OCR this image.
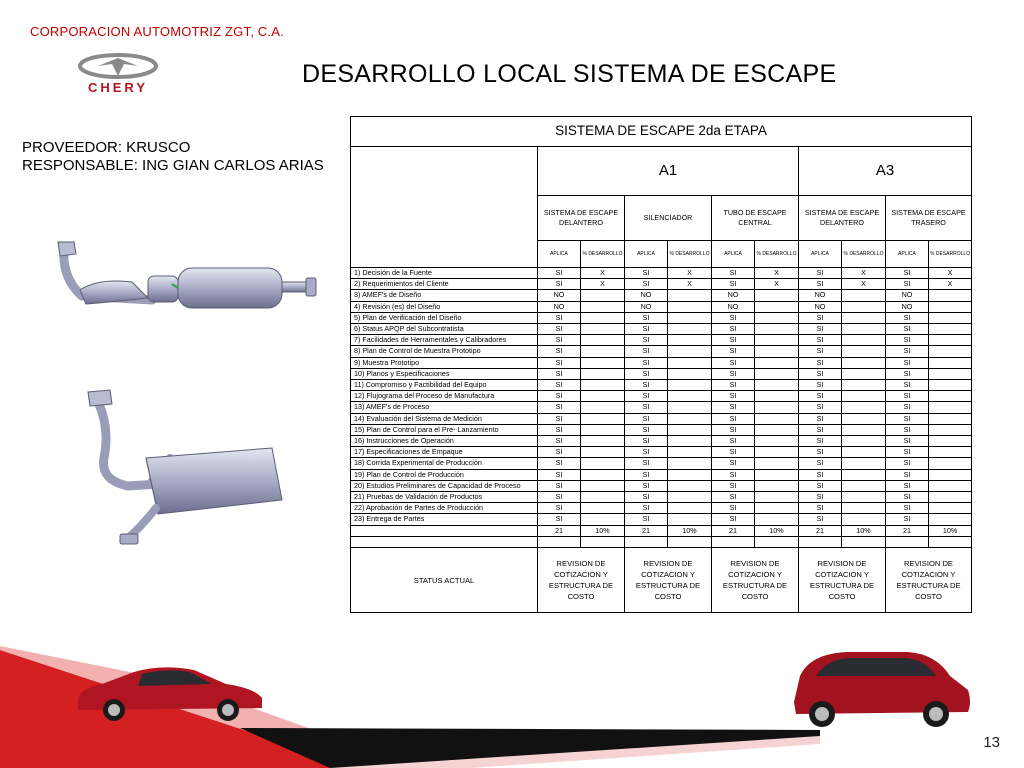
CORPORACION AUTOMOTRIZ ZGT, C.A.
CHERY	DESARROLLO LOCAL SISTEMA DE ESCAPE
PROVEEDOR: KRUSCO
RESPONSABLE: ING GIAN CARLOS ARIAS
SISTEMA DE ESCAPE 2da ETAPA										
	A1						A3			
	SISTEMA DE ESCAPE DELANTERO		SILENCIADOR		TUBO DE ESCAPE CENTRAL		SISTEMA DE ESCAPE DELANTERO		SISTEMA DE ESCAPE TRASERO	
	APLICA	% DESARROLLO	APLICA	% DESARROLLO	APLICA	% DESARROLLO	APLICA	% DESARROLLO	APLICA	% DESARROLLO
1) Decisión de la Fuente	SI	X	SI	X	SI	X	SI	X	SI	X
2) Requerimientos del Cliente	SI	X	SI	X	SI	X	SI	X	SI	X
3) AMEF's de Diseño	NO		NO		NO		NO		NO	
4) Revisión (es) del Diseño	NO		NO		NO		NO		NO	
5) Plan de Verificación del Diseño	SI		SI		SI		SI		SI	
6) Status APQP del Subcontratista	SI		SI		SI		SI		SI	
7) Facilidades de Herramentales y Calibradores	SI		SI		SI		SI		SI	
8) Plan de Control de Muestra Prototipo	SI		SI		SI		SI		SI	
9) Muestra Prototipo	SI		SI		SI		SI		SI	
10) Planos y Especificaciones	SI		SI		SI		SI		SI	
11) Compromiso y Factibilidad del Equipo	SI		SI		SI		SI		SI	
12) Flujograma del Proceso de Manufactura	SI		SI		SI		SI		SI	
13) AMEF's de Proceso	SI		SI		SI		SI		SI	
14) Evaluación del Sistema de Medición	SI		SI		SI		SI		SI	
15) Plan de Control para el Pre- Lanzamiento	SI		SI		SI		SI		SI	
16) Instrucciones de Operación	SI		SI		SI		SI		SI	
17) Especificaciones de Empaque	SI		SI		SI		SI		SI	
18) Corrida Experimental de Producción	SI		SI		SI		SI		SI	
19) Plan de Control de Producción	SI		SI		SI		SI		SI	
20) Estudios Preliminares de Capacidad de Proceso	SI		SI		SI		SI		SI	
21) Pruebas de Validación de Productos	SI		SI		SI		SI		SI	
22) Aprobación de Partes de Producción	SI		SI		SI		SI		SI	
23) Entrega de Partes	SI		SI		SI		SI		SI	
	21	10%	21	10%	21	10%	21	10%	21	10%

STATUS ACTUAL	REVISION DE COTIZACION Y ESTRUCTURA DE COSTO		REVISION DE COTIZACION Y ESTRUCTURA DE COSTO		REVISION DE COTIZACION Y ESTRUCTURA DE COSTO		REVISION DE COTIZACION Y ESTRUCTURA DE COSTO		REVISION DE COTIZACION Y ESTRUCTURA DE COSTO	
13
